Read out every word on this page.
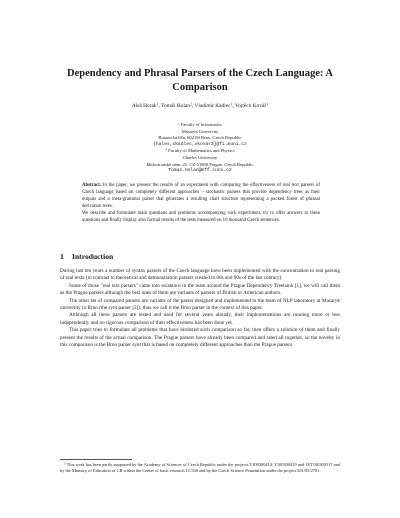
Dependency and Phrasal Parsers of the Czech Language: A Comparison
Aleš Horák$^1$, Tomáš Holan$^2$, Vladimír Kadlec$^1$, Vojtěch Kovář$^1$
$^1$ Faculty of Informatics
Masaryk University
Botanická 68a, 602 00 Brno, Czech Republic
{hales,xkadlec,xkovar3}@fi.muni.cz
$^2$ Faculty of Mathematics and Physics
Charles University
Malostranské nám. 25, CZ-11800 Prague, Czech Republic
Tomas.Holan@mff.cuni.cz

Abstract. In the paper, we present the results of an experiment with comparing the effectiveness of real text parsers of Czech language based on completely different approaches – stochastic parsers that provide dependency trees as their outputs and a meta-grammar parser that generates a resulting chart structure representing a packed forest of phrasal derivation trees.

We describe and formulate main questions and problems accompanying such experiment, try to offer answers to these questions and finally display also factual results of the tests measured on 10 thousand Czech sentences.

1 Introduction

During last ten years a number of syntax parsers of the Czech language have been implemented with the concentration to real parsing of real texts (in contrast to theoretical and demonstration parsers created in 80s and 90s of the last century).

Some of those "real text parsers" came into existence in the team around the Prague Dependency Treebank [1], we will call them as the Prague parsers although the best ones of them are variants of parsers of British or American authors.

The other set of compared parsers are variants of the parser designed and implemented in the team of NLP laboratory at Masaryk university in Brno (the synt parser [2]), thus we call it the Brno parser in the context of this paper.

Although all these parsers are tested and used for several years already, their implementations are running more or less independently and no rigorous comparison of their effectiveness has been done yet.

This paper tries to formulate all problems that have hindered such comparison so far, then offers a solution of them and finally present the results of the actual comparison. The Prague parsers have already been compared and rated all together, so the novelty in this comparison is the Brno parser synt that is based on completely different approaches than the Prague parsers.

$^1$ This work has been partly supported by the Academy of Sciences of Czech Republic under the projects T100300414, T100300419 and 1ET100300517 and by the Ministry of Education of CR within the Center of basic research LC536 and by the Czech Science Foundation under the project 201/05/2781.
